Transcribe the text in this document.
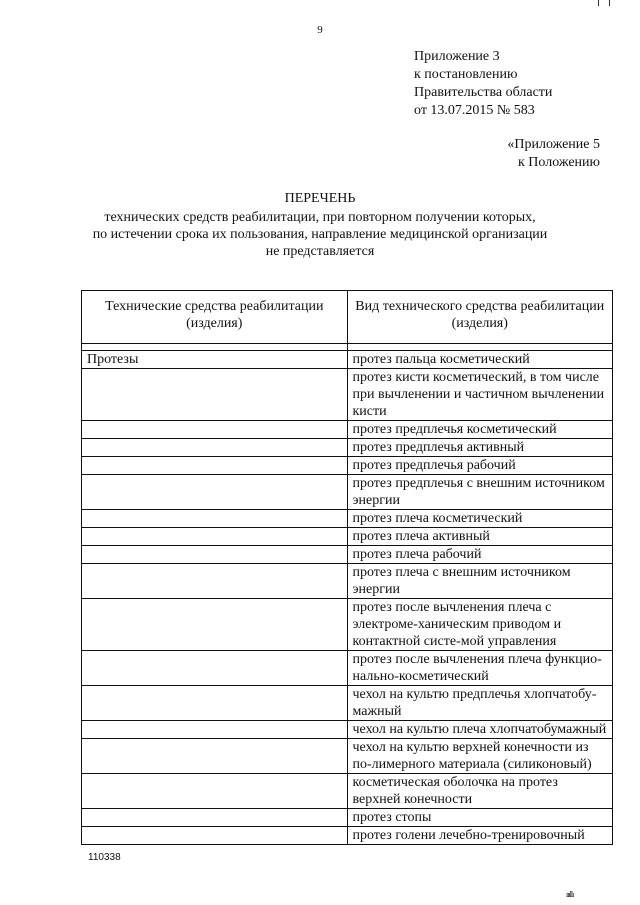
9
Приложение 3
к постановлению
Правительства области
от 13.07.2015 № 583
«Приложение 5
к Положению
ПЕРЕЧЕНЬ
технических средств реабилитации, при повторном получении которых,
по истечении срока их пользования, направление медицинской организации
не представляется
Технические средства реабилитации (изделия)	Вид технического средства реабилитации (изделия)

Протезы	протез пальца косметический
	протез кисти косметический, в том числе при вычленении и частичном вычленении кисти
	протез предплечья косметический
	протез предплечья активный
	протез предплечья рабочий
	протез предплечья с внешним источником энергии
	протез плеча косметический
	протез плеча активный
	протез плеча рабочий
	протез плеча с внешним источником энергии
	протез после вычленения плеча с электроме-ханическим приводом и контактной систе-мой управления
	протез после вычленения плеча функцио-нально-косметический
	чехол на культю предплечья хлопчатобу-мажный
	чехол на культю плеча хлопчатобумажный
	чехол на культю верхней конечности из по-лимерного материала (силиконовый)
	косметическая оболочка на протез верхней конечности
	протез стопы
	протез голени лечебно-тренировочный
110338
ıııllı
